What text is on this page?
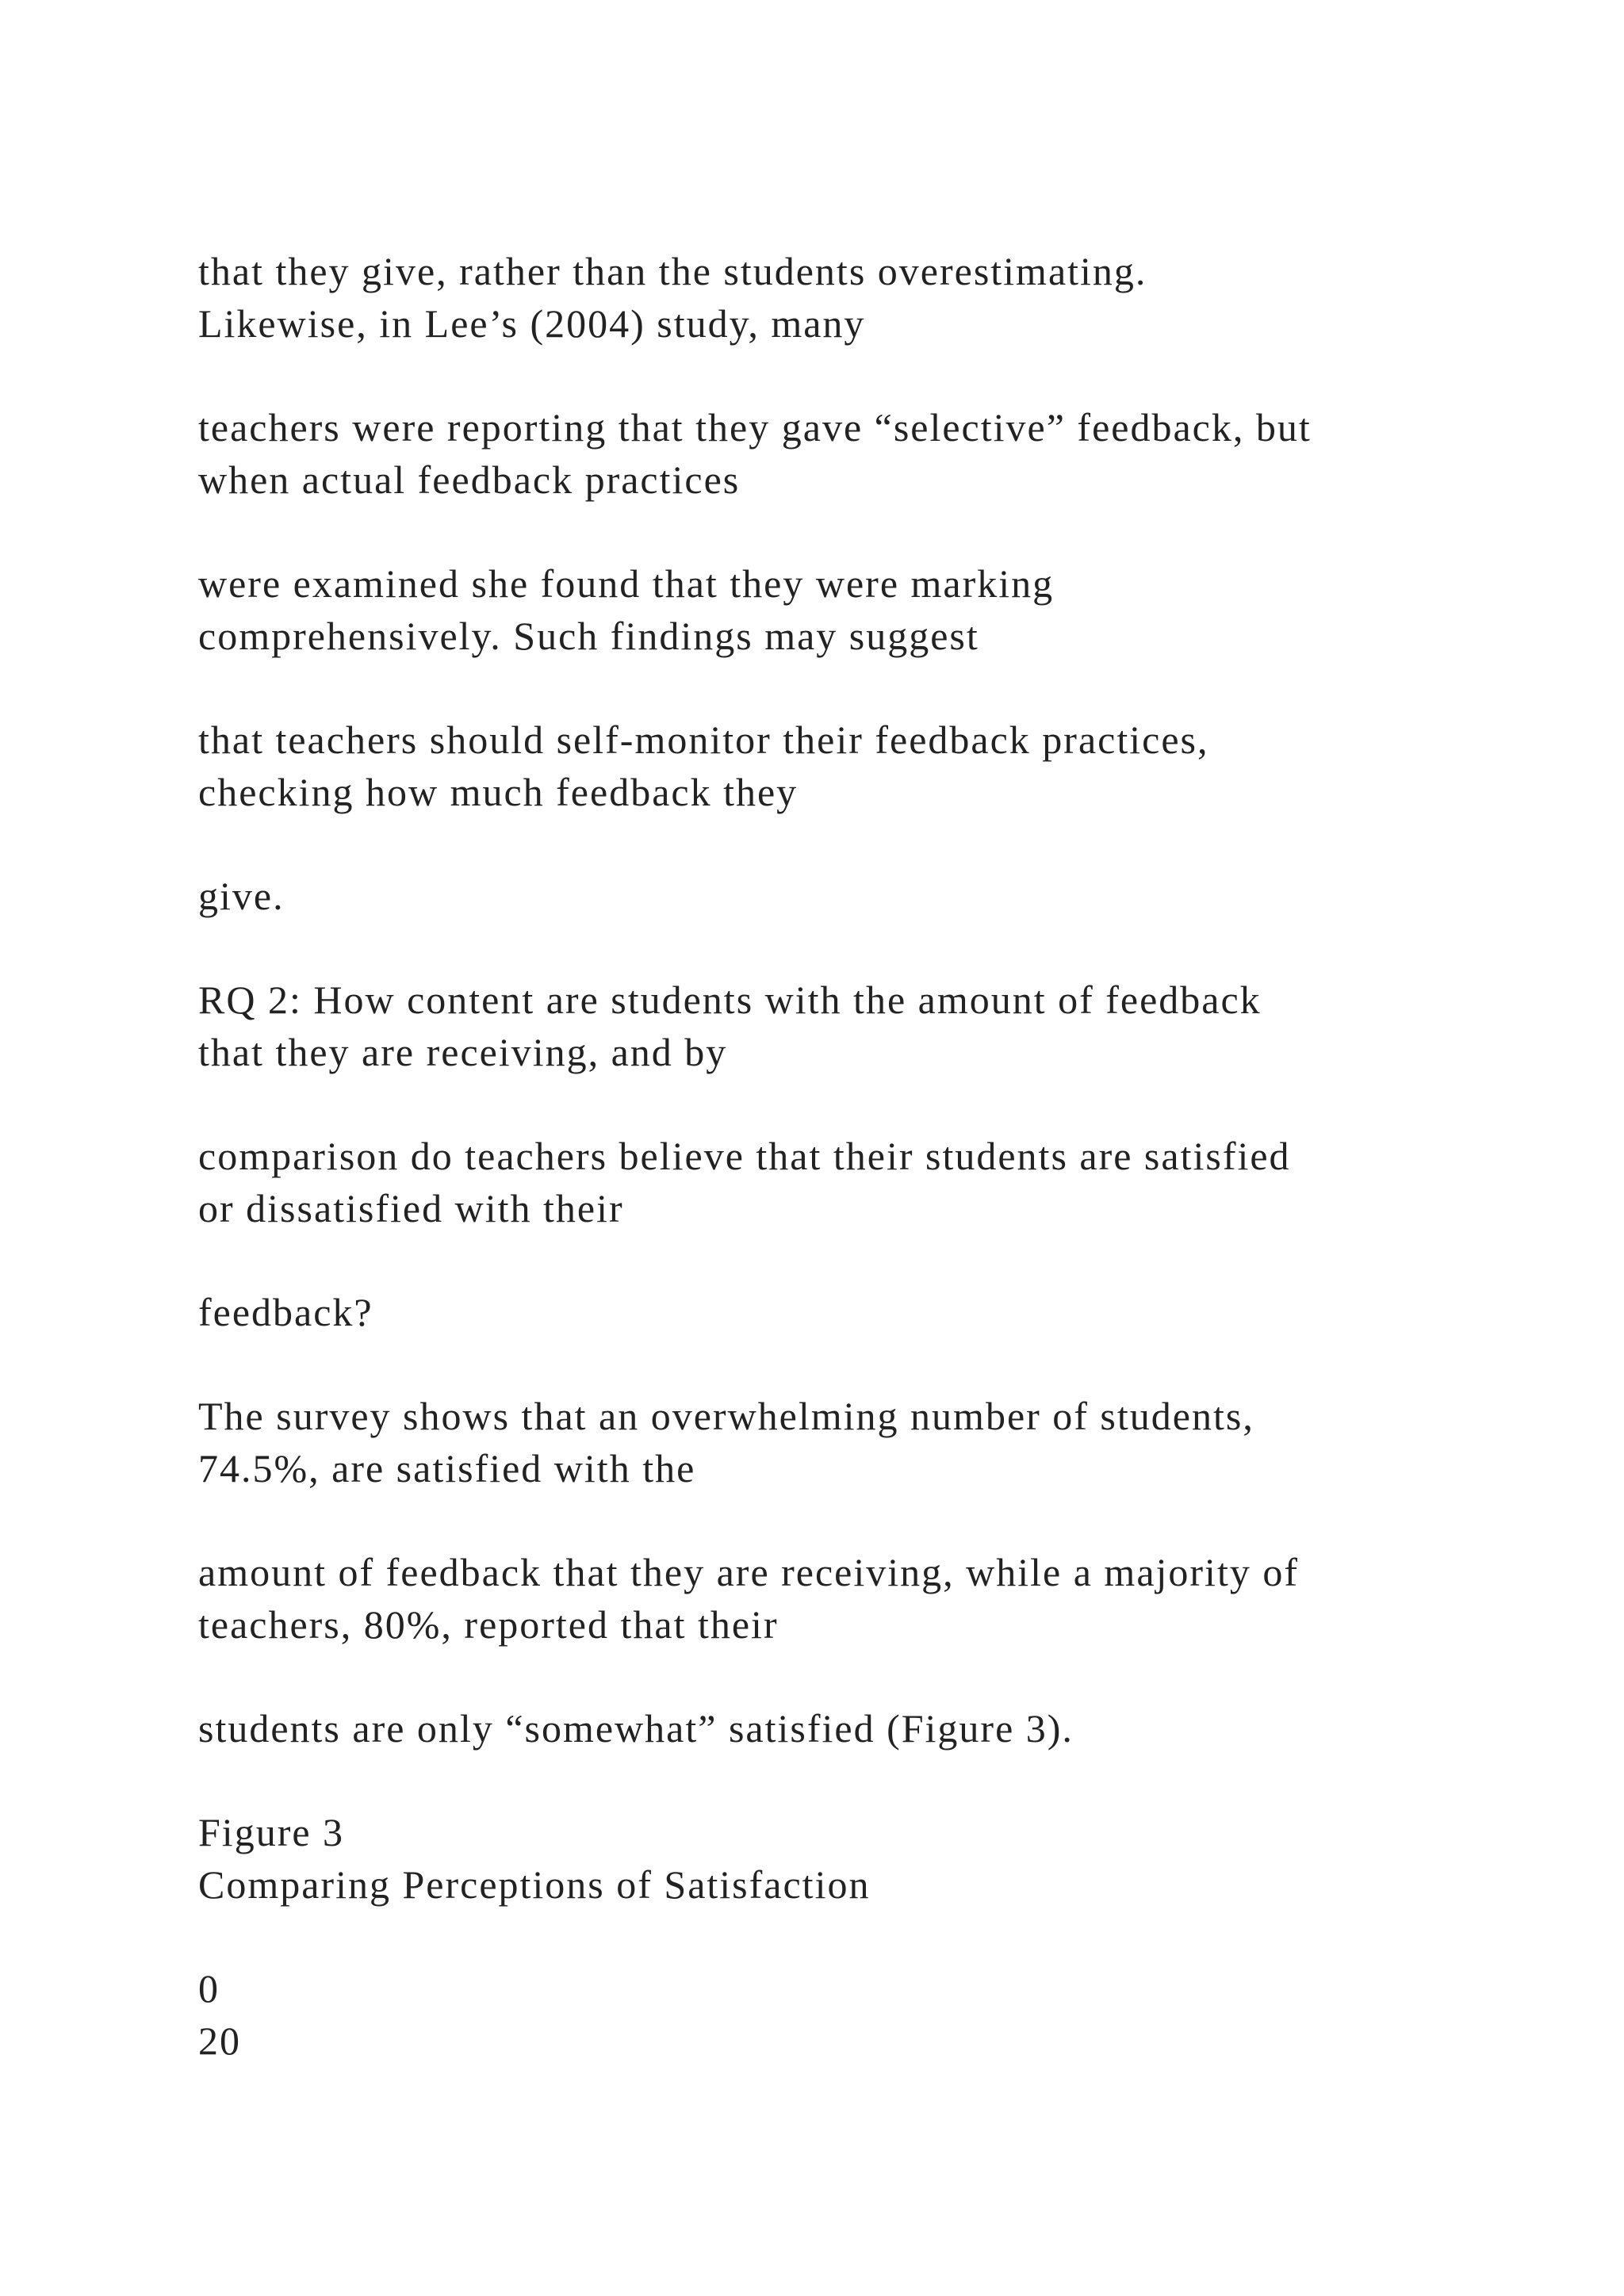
that they give, rather than the students overestimating.

Likewise, in Lee’s (2004) study, many

teachers were reporting that they gave “selective” feedback, but

when actual feedback practices

were examined she found that they were marking

comprehensively. Such findings may suggest

that teachers should self-monitor their feedback practices,

checking how much feedback they

give.

RQ 2: How content are students with the amount of feedback

that they are receiving, and by

comparison do teachers believe that their students are satisfied

or dissatisfied with their

feedback?

The survey shows that an overwhelming number of students,

74.5%, are satisfied with the

amount of feedback that they are receiving, while a majority of

teachers, 80%, reported that their

students are only “somewhat” satisfied (Figure 3).

Figure 3

Comparing Perceptions of Satisfaction

0

20
